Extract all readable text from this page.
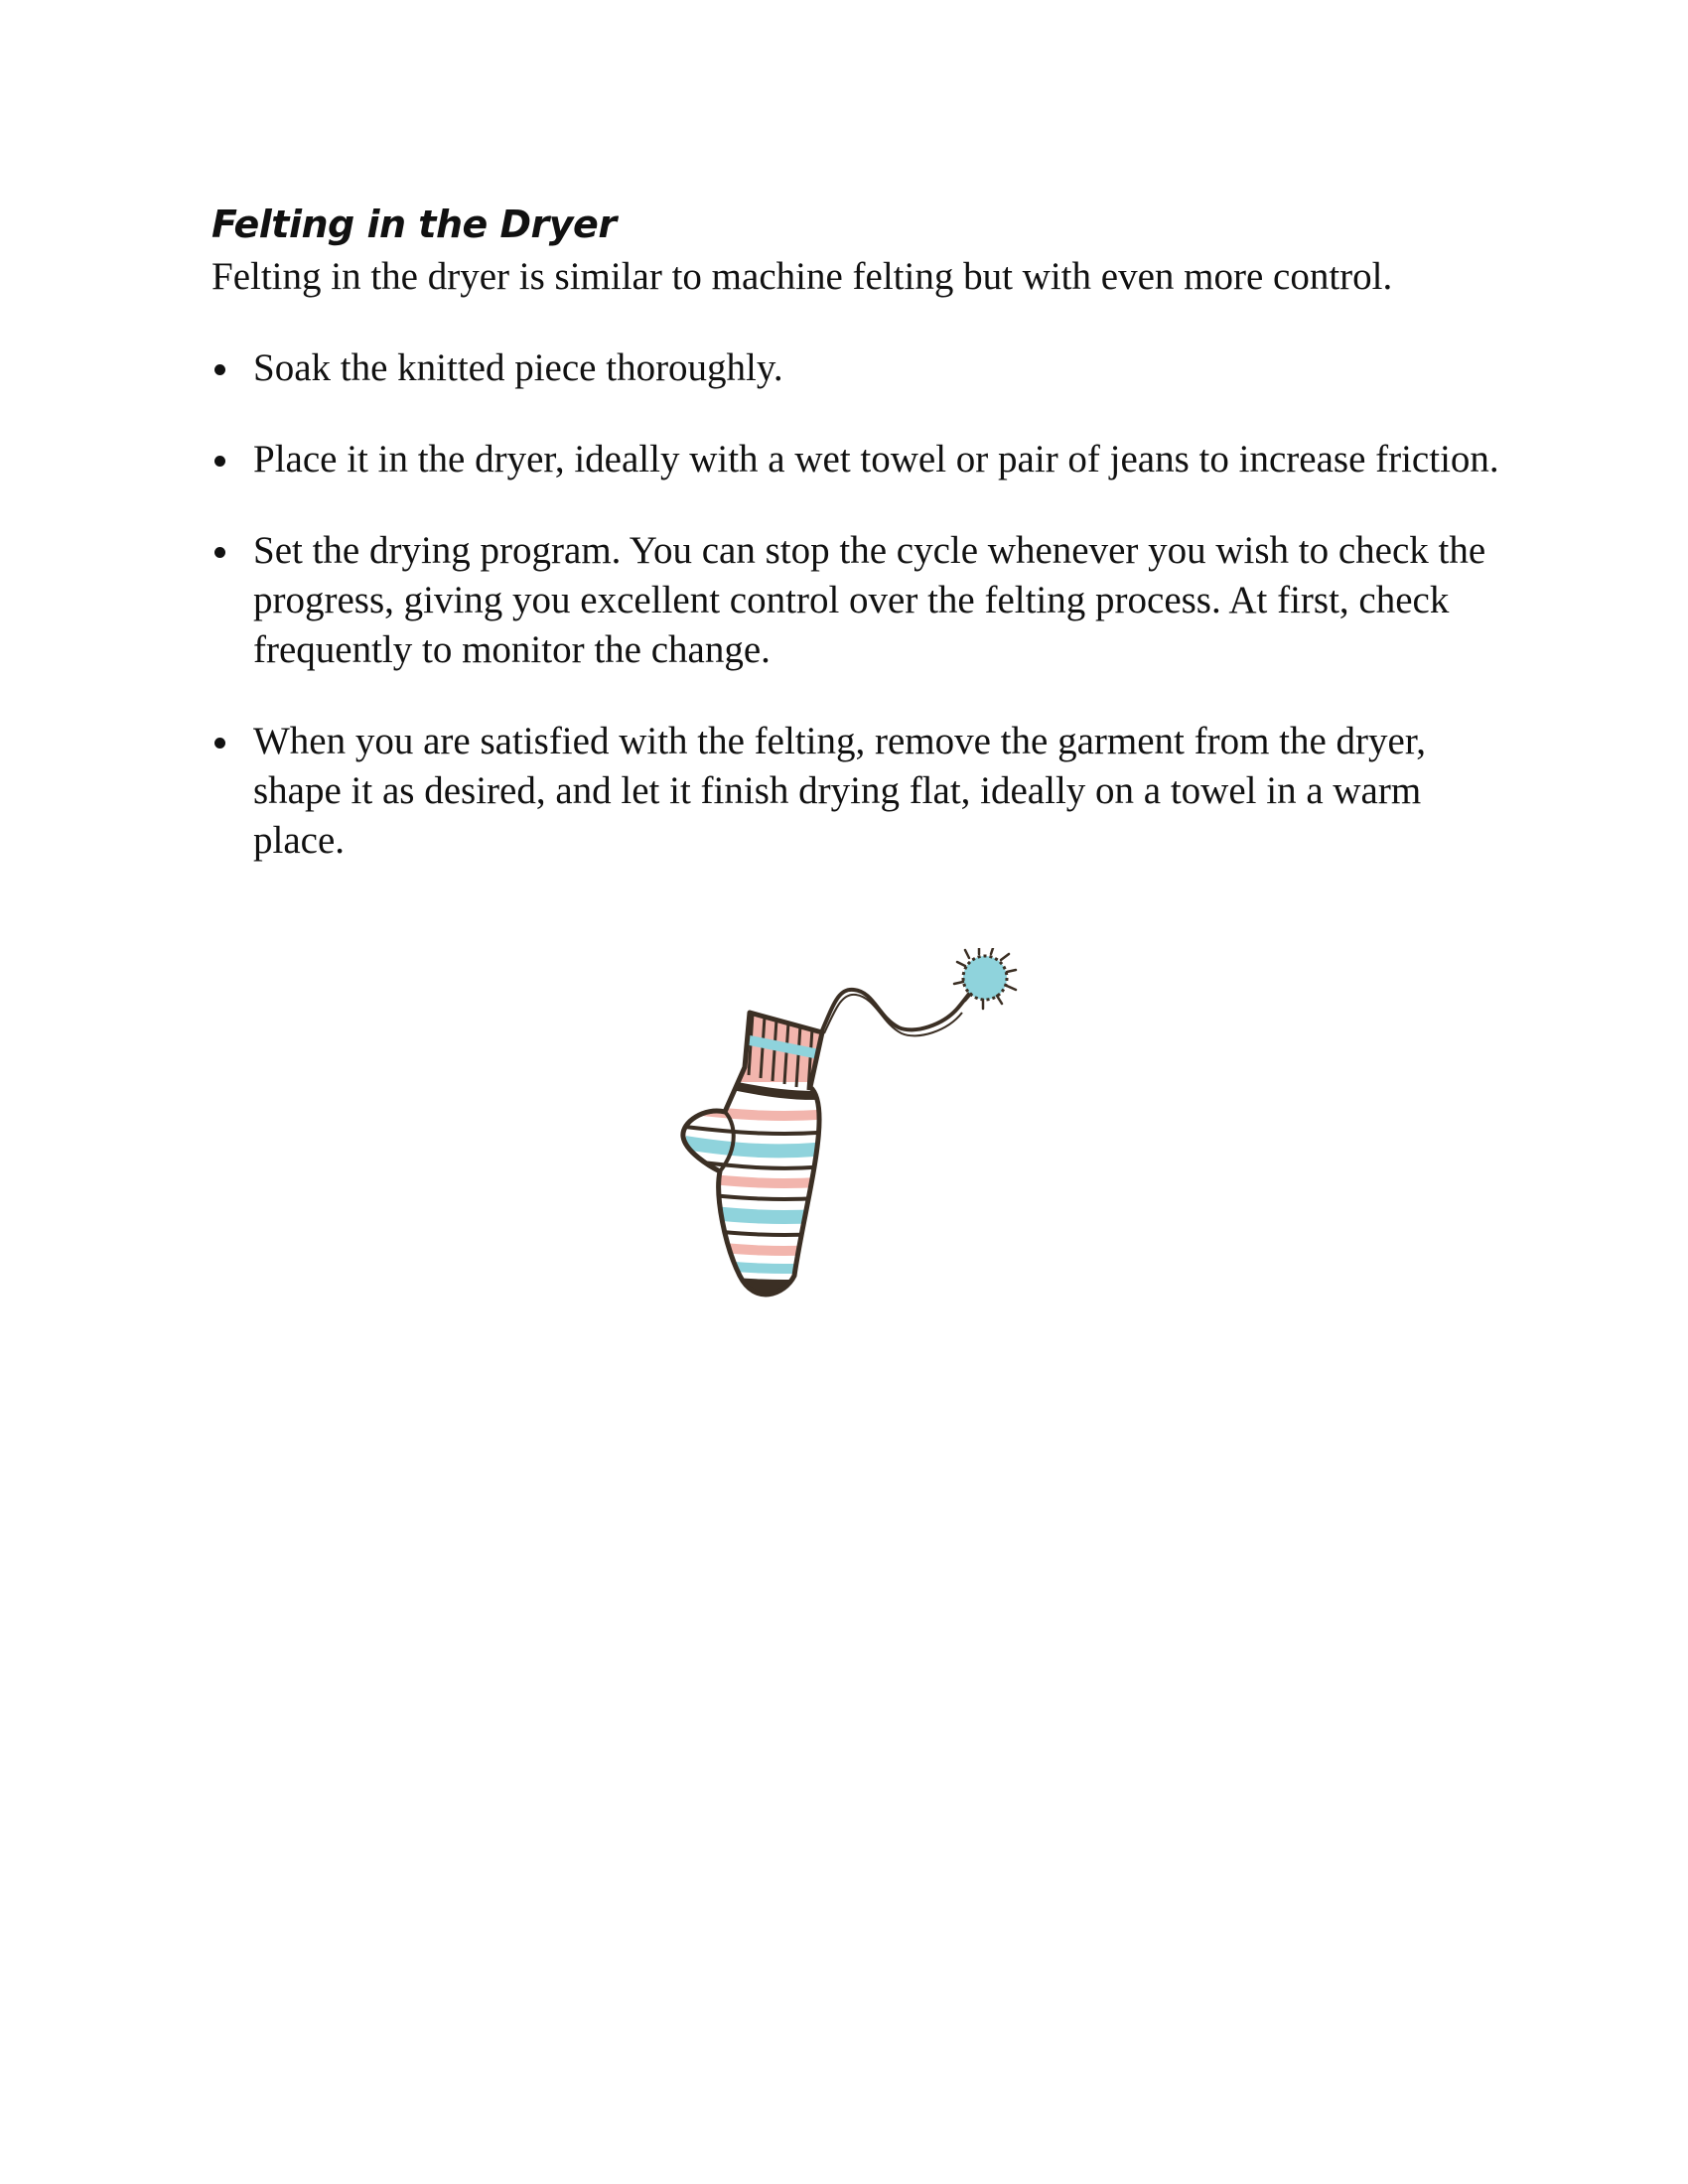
Felting in the Dryer

Felting in the dryer is similar to machine felting but with even more control.

Soak the knitted piece thoroughly.
Place it in the dryer, ideally with a wet towel or pair of jeans to increase friction.
Set the drying program. You can stop the cycle whenever you wish to check the progress, giving you excellent control over the felting process. At first, check frequently to monitor the change.
When you are satisfied with the felting, remove the garment from the dryer, shape it as desired, and let it finish drying flat, ideally on a towel in a warm place.
